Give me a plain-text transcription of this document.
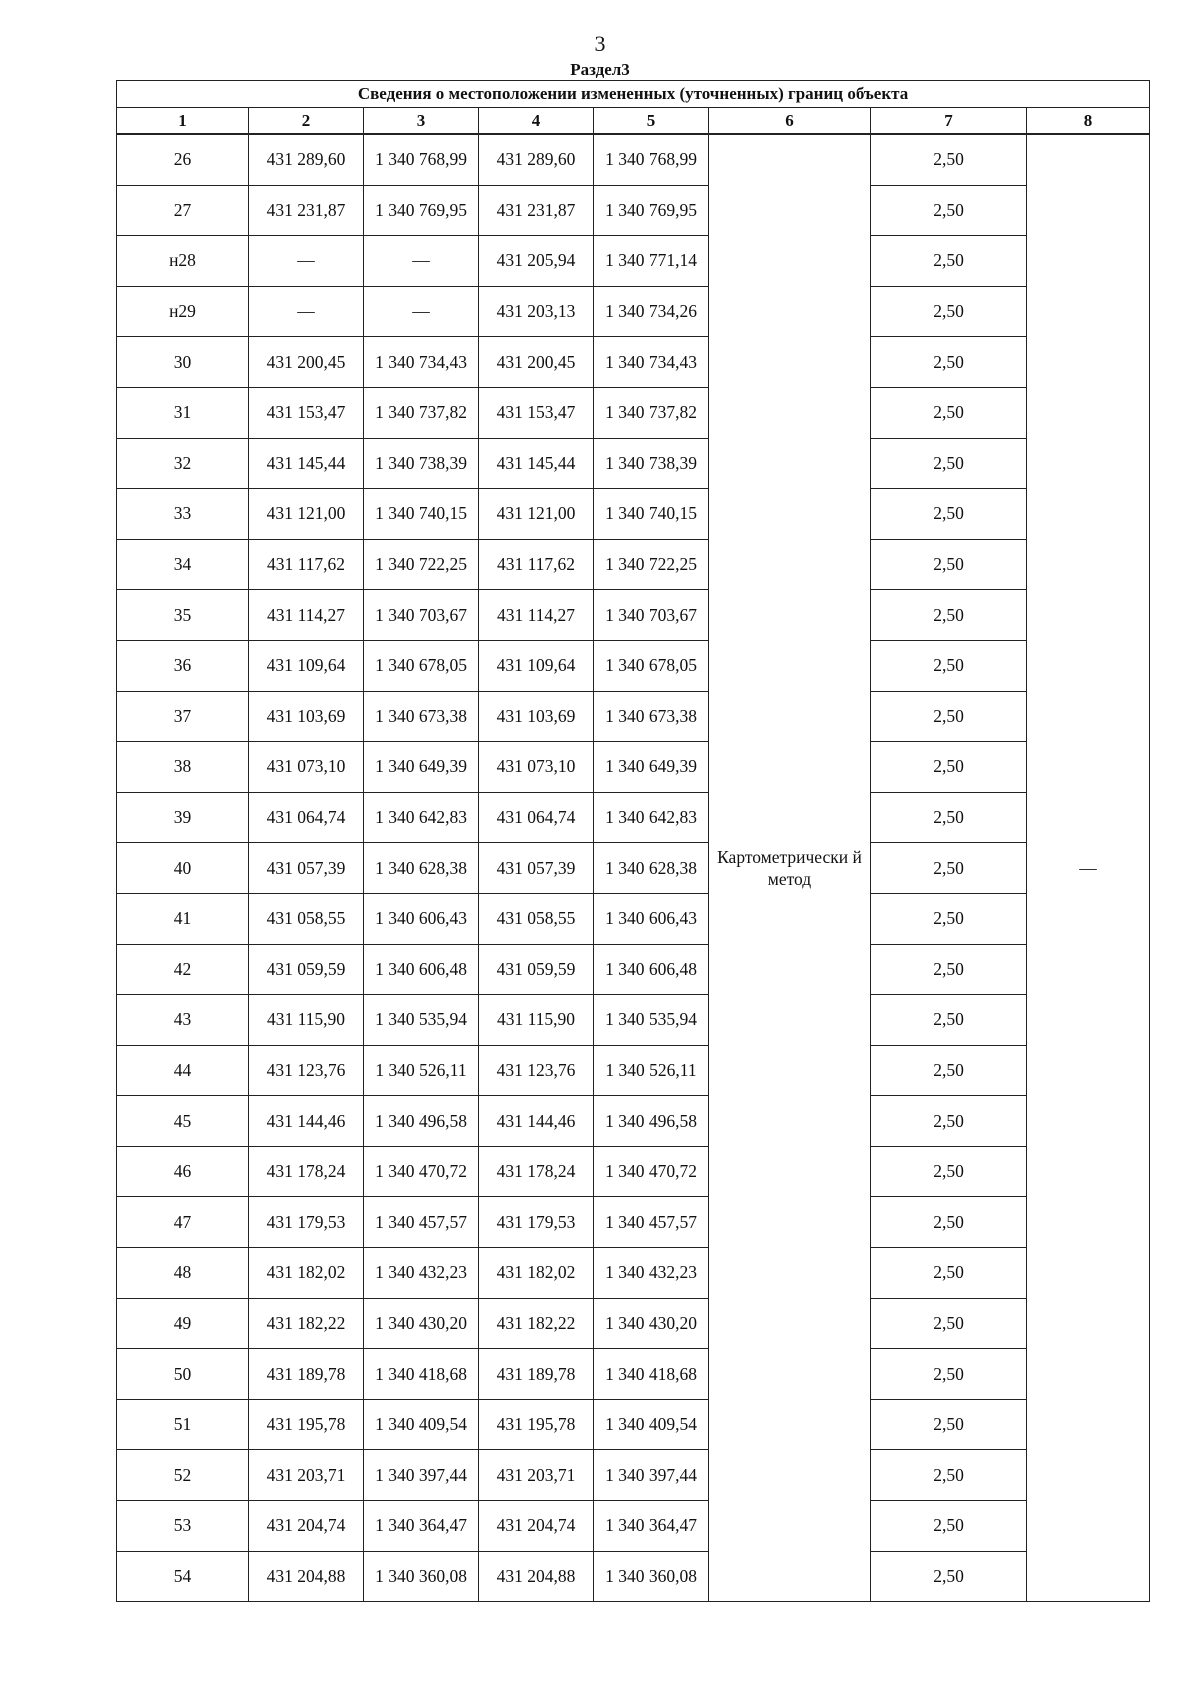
3
Раздел3
Сведения о местоположении измененных (уточненных) границ объекта							
1	2	3	4	5	6	7	8
26	431 289,60	1 340 768,99	431 289,60	1 340 768,99	Картометрически й метод	2,50	—
27	431 231,87	1 340 769,95	431 231,87	1 340 769,95		2,50	
н28	—	—	431 205,94	1 340 771,14		2,50	
н29	—	—	431 203,13	1 340 734,26		2,50	
30	431 200,45	1 340 734,43	431 200,45	1 340 734,43		2,50	
31	431 153,47	1 340 737,82	431 153,47	1 340 737,82		2,50	
32	431 145,44	1 340 738,39	431 145,44	1 340 738,39		2,50	
33	431 121,00	1 340 740,15	431 121,00	1 340 740,15		2,50	
34	431 117,62	1 340 722,25	431 117,62	1 340 722,25		2,50	
35	431 114,27	1 340 703,67	431 114,27	1 340 703,67		2,50	
36	431 109,64	1 340 678,05	431 109,64	1 340 678,05		2,50	
37	431 103,69	1 340 673,38	431 103,69	1 340 673,38		2,50	
38	431 073,10	1 340 649,39	431 073,10	1 340 649,39		2,50	
39	431 064,74	1 340 642,83	431 064,74	1 340 642,83		2,50	
40	431 057,39	1 340 628,38	431 057,39	1 340 628,38		2,50	
41	431 058,55	1 340 606,43	431 058,55	1 340 606,43		2,50	
42	431 059,59	1 340 606,48	431 059,59	1 340 606,48		2,50	
43	431 115,90	1 340 535,94	431 115,90	1 340 535,94		2,50	
44	431 123,76	1 340 526,11	431 123,76	1 340 526,11		2,50	
45	431 144,46	1 340 496,58	431 144,46	1 340 496,58		2,50	
46	431 178,24	1 340 470,72	431 178,24	1 340 470,72		2,50	
47	431 179,53	1 340 457,57	431 179,53	1 340 457,57		2,50	
48	431 182,02	1 340 432,23	431 182,02	1 340 432,23		2,50	
49	431 182,22	1 340 430,20	431 182,22	1 340 430,20		2,50	
50	431 189,78	1 340 418,68	431 189,78	1 340 418,68		2,50	
51	431 195,78	1 340 409,54	431 195,78	1 340 409,54		2,50	
52	431 203,71	1 340 397,44	431 203,71	1 340 397,44		2,50	
53	431 204,74	1 340 364,47	431 204,74	1 340 364,47		2,50	
54	431 204,88	1 340 360,08	431 204,88	1 340 360,08		2,50	
